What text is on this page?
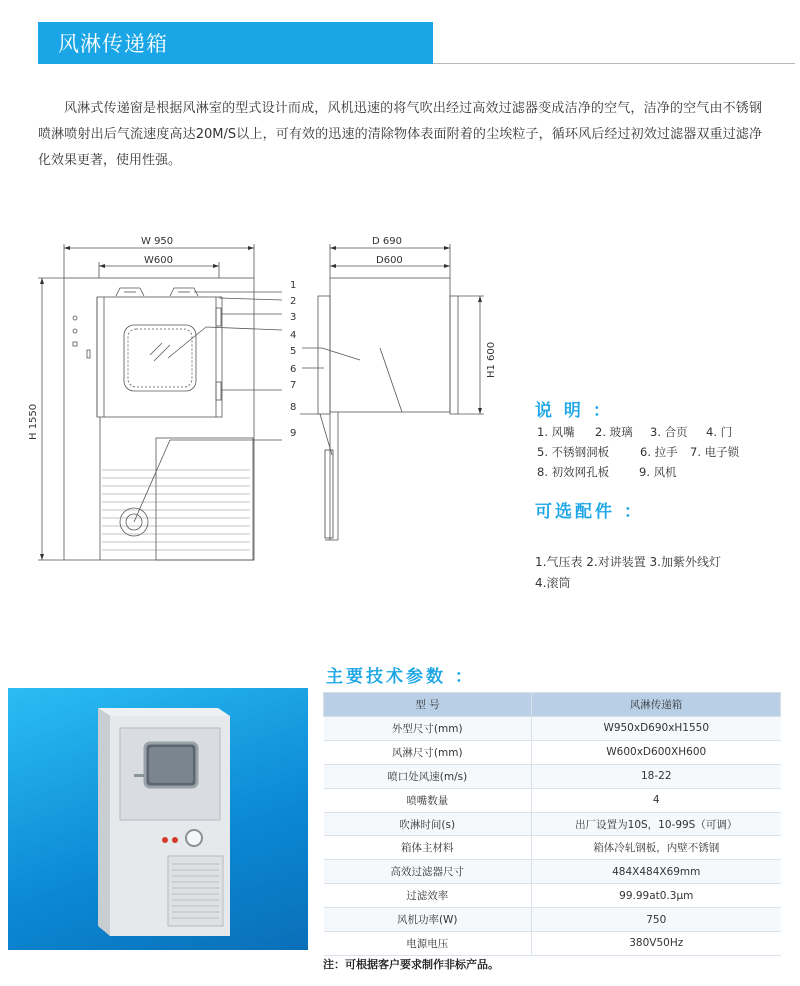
风淋传递箱
风淋式传递窗是根据风淋室的型式设计而成，风机迅速的将气吹出经过高效过滤器变成洁净的空气，洁净的空气由不锈钢喷淋喷射出后气流速度高达20M/S以上，可有效的迅速的清除物体表面附着的尘埃粒子，循环风后经过初效过滤器双重过滤净化效果更著，使用性强。
W 950
W600
H 1550
D 690
D600
H1 600
1
2
3
4
5
6
7
8
9
说 明 ：
1. 风嘴 2. 玻璃 3. 合页 4. 门
5. 不锈钢洞板	6. 拉手 7. 电子锁
8. 初效网孔板	9. 风机
可选配件 ：
1.气压表 2.对讲装置 3.加紫外线灯
4.滚筒
主要技术参数 ：
型 号	风淋传递箱
外型尺寸(mm)	W950xD690xH1550
风淋尺寸(mm)	W600xD600XH600
喷口处风速(m/s)	18-22
喷嘴数量	4
吹淋时间(s)	出厂设置为10S，10-99S（可调）
箱体主材料	箱体冷轧钢板，内壁不锈钢
高效过滤器尺寸	484X484X69mm
过滤效率	99.99at0.3μm
风机功率(W)	750
电源电压	380V50Hz
注：可根据客户要求制作非标产品。
